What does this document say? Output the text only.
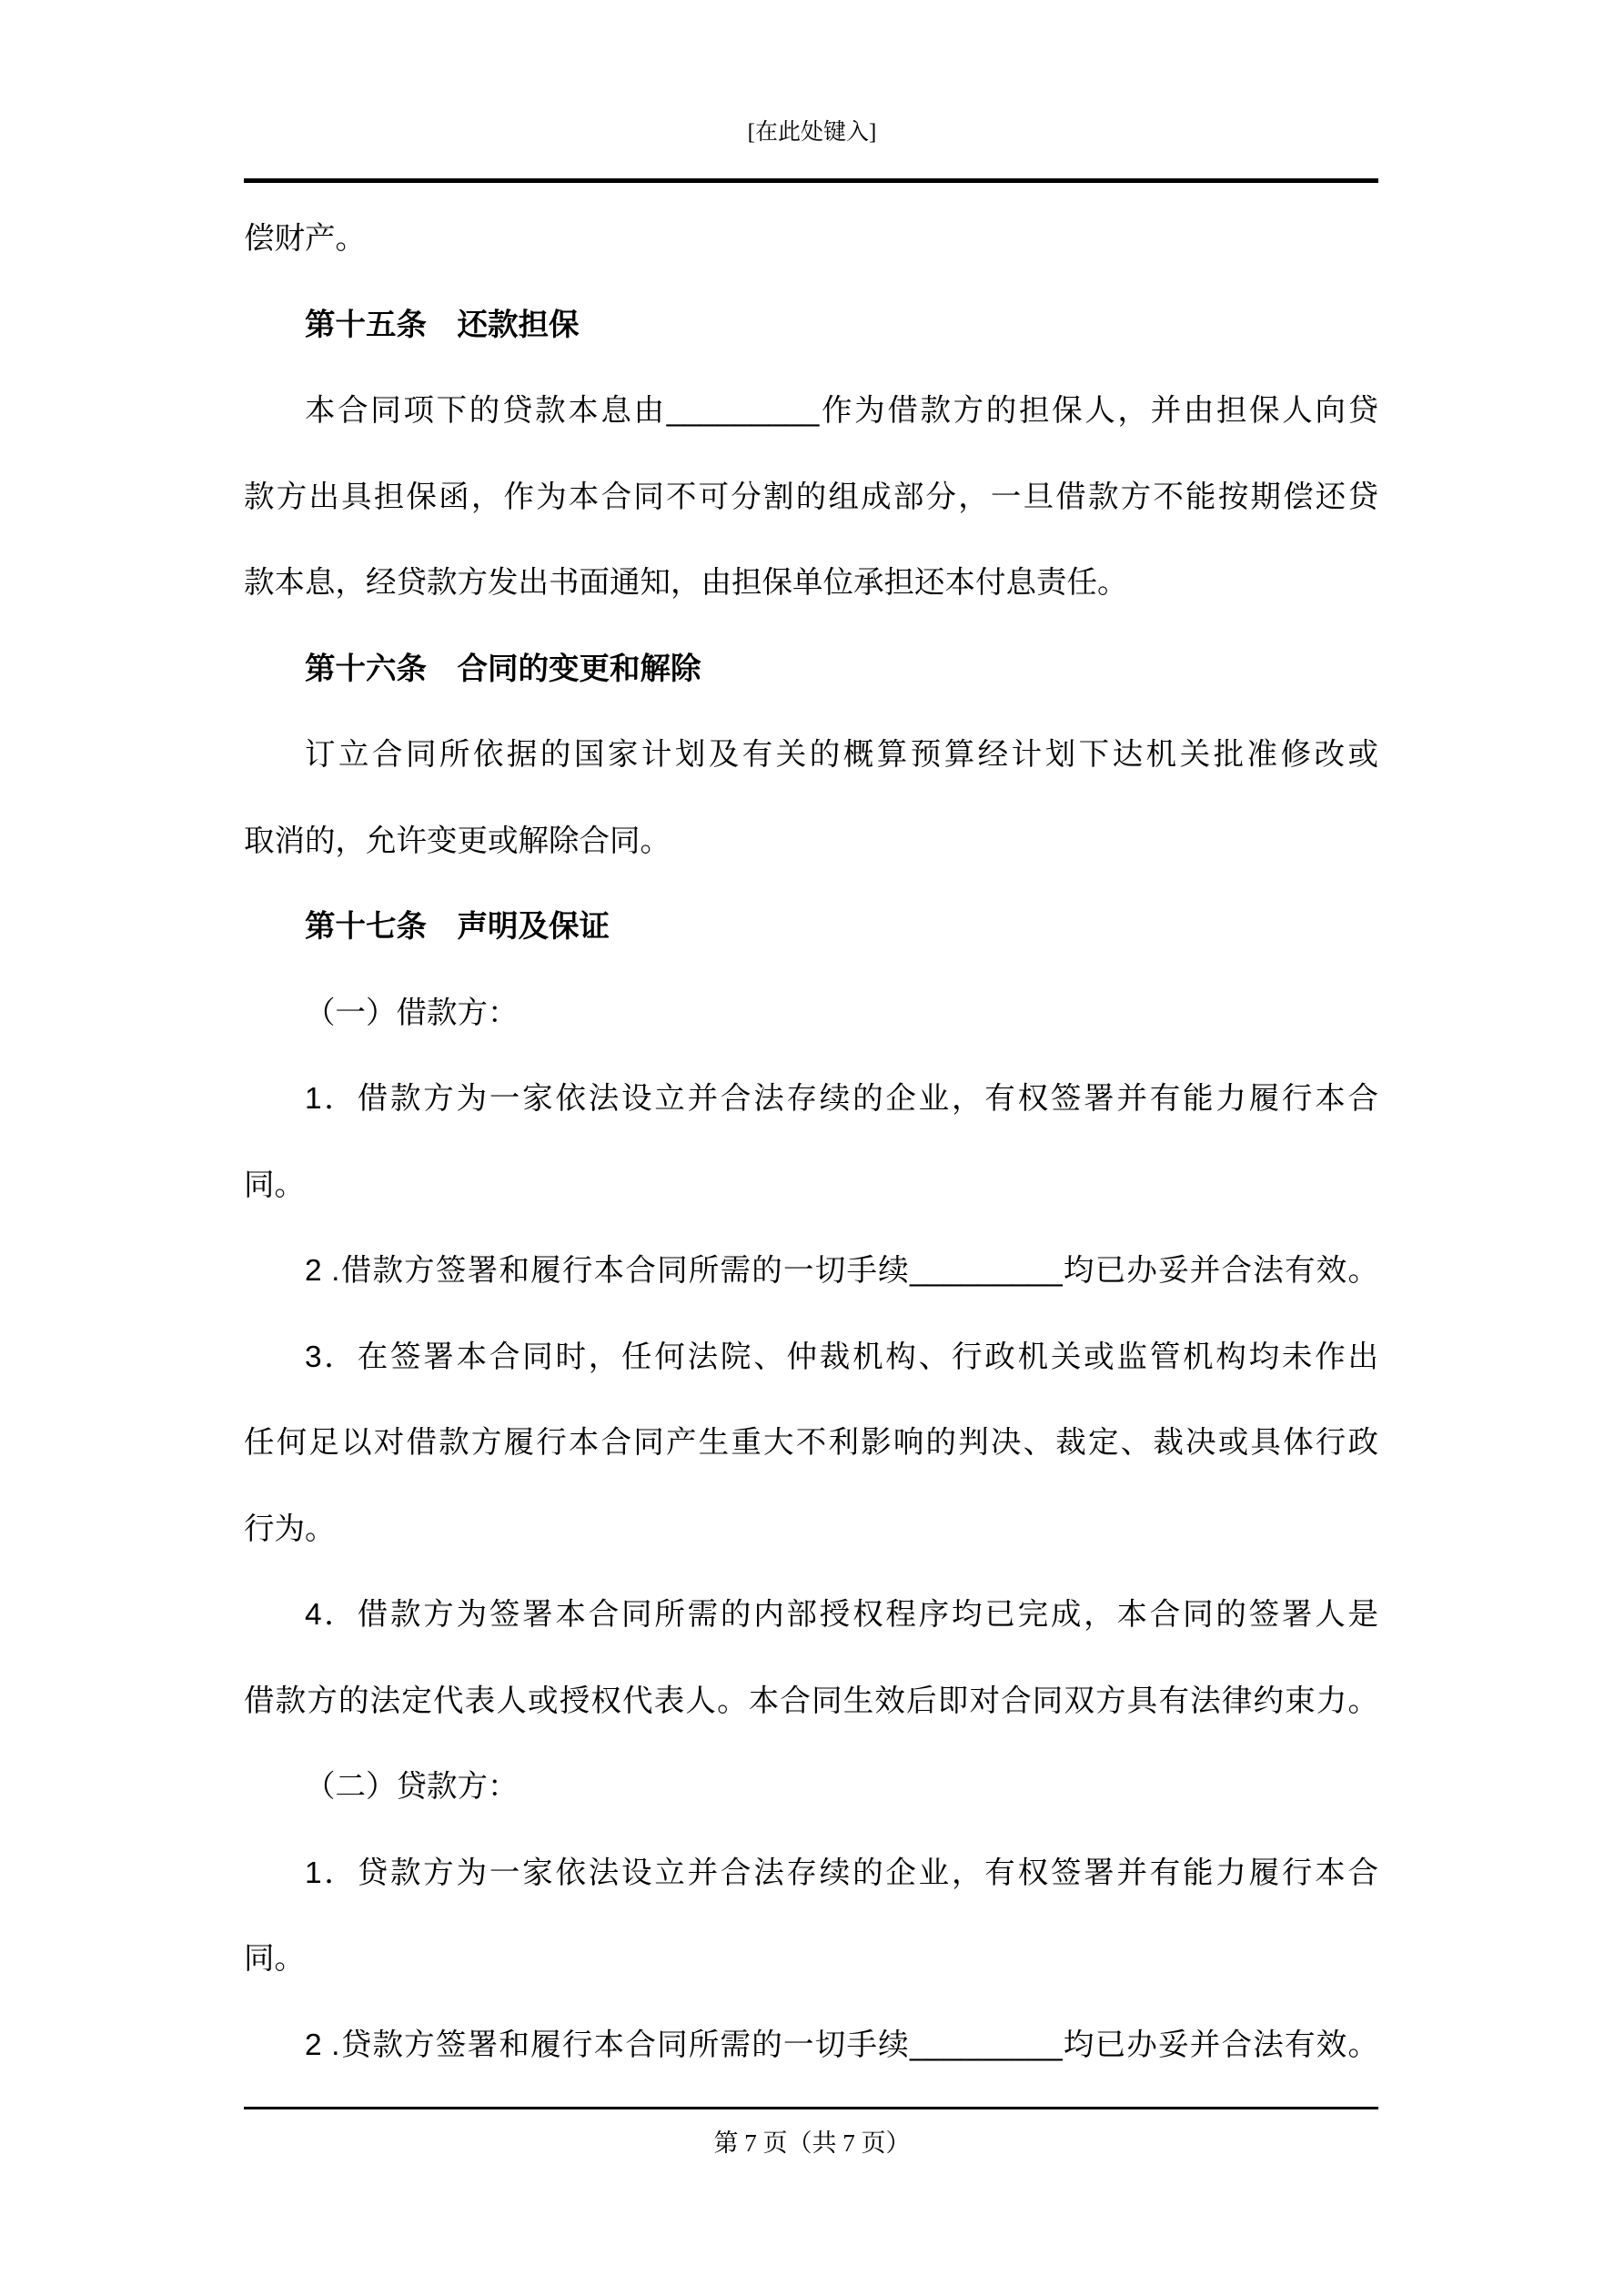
[在此处键入]
偿财产。
第十五条　还款担保
本合同项下的贷款本息由_________作为借款方的担保人，并由担保人向贷
款方出具担保函，作为本合同不可分割的组成部分，一旦借款方不能按期偿还贷
款本息，经贷款方发出书面通知，由担保单位承担还本付息责任。
第十六条　合同的变更和解除
订立合同所依据的国家计划及有关的概算预算经计划下达机关批准修改或
取消的，允许变更或解除合同。
第十七条　声明及保证
（一）借款方：
1．借款方为一家依法设立并合法存续的企业，有权签署并有能力履行本合
同。
2 .借款方签署和履行本合同所需的一切手续_________均已办妥并合法有效。
3．在签署本合同时，任何法院、仲裁机构、行政机关或监管机构均未作出
任何足以对借款方履行本合同产生重大不利影响的判决、裁定、裁决或具体行政
行为。
4．借款方为签署本合同所需的内部授权程序均已完成，本合同的签署人是
借款方的法定代表人或授权代表人。本合同生效后即对合同双方具有法律约束力。
（二）贷款方：
1．贷款方为一家依法设立并合法存续的企业，有权签署并有能力履行本合
同。
2 .贷款方签署和履行本合同所需的一切手续_________均已办妥并合法有效。
第 7 页（共 7 页）
